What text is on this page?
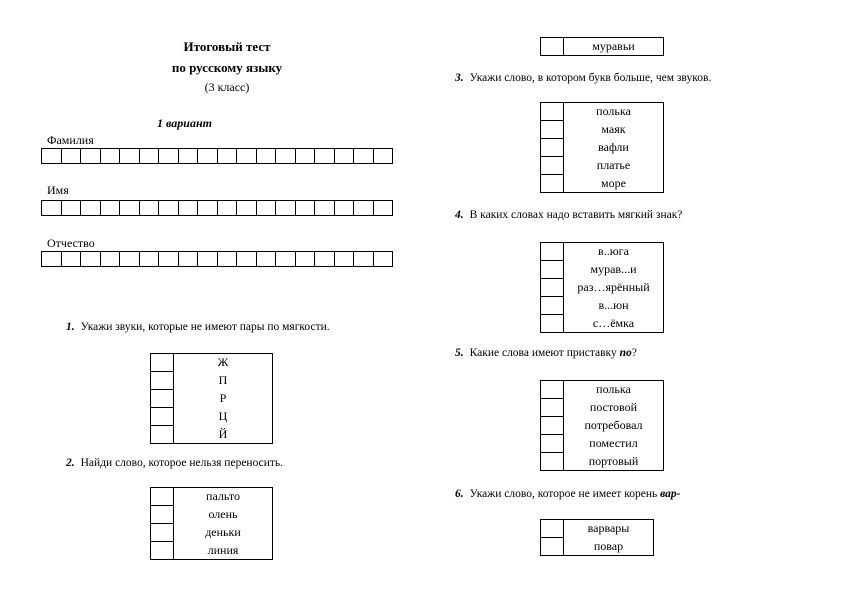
Итоговый тест
по русскому языку
(3 класс)
1 вариант
Фамилия
Имя
Отчество
1. Укажи звуки, которые не имеют пары по мягкости.
	Ж
	П
	Р
	Ц
	Й
2. Найди слово, которое нельзя переносить.
	пальто
	олень
	деньки
	линия
	муравьи
3. Укажи слово, в котором букв больше, чем звуков.
	полька
	маяк
	вафли
	платье
	море
4. В каких словах надо вставить мягкий знак?
	в..юга
	мурав...и
	раз…ярённый
	в...юн
	с…ёмка
5. Какие слова имеют приставку по?
	полька
	постовой
	потребовал
	поместил
	портовый
6. Укажи слово, которое не имеет корень вар-
	варвары
	повар
